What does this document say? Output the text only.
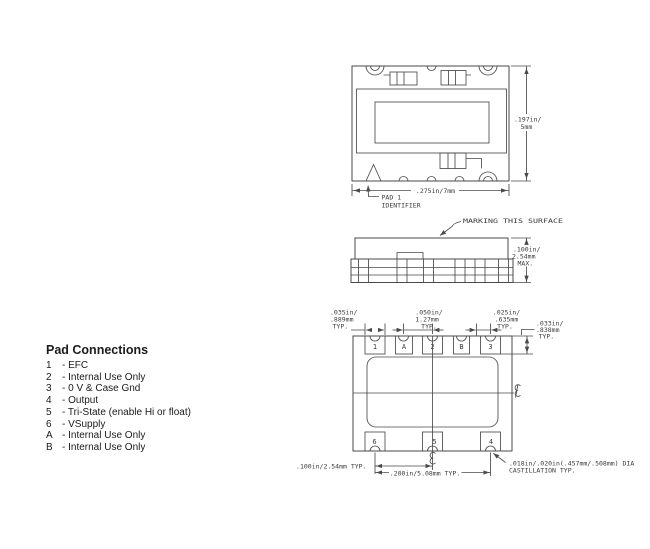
.197in/
5mm
.275in/7mm
PAD 1
IDENTIFIER
MARKING THIS SURFACE
.100in/
2.54mm
MAX.
1	A	2	B	3
6	5	4
.035in/
.889mm
TYP.
.050in/
1.27mm
TYP.
.025in/
.635mm
TYP.	.033in/
.838mm
TYP.
.100in/2.54mm TYP.
.200in/5.08mm TYP.
.018in/.020in(.457mm/.508mm) DIA
CASTILLATION TYP.
Pad Connections
1 - EFC
2 - Internal Use Only
3 - 0 V & Case Gnd
4 - Output
5 - Tri-State (enable Hi or float)
6 - VSupply
A - Internal Use Only
B - Internal Use Only
